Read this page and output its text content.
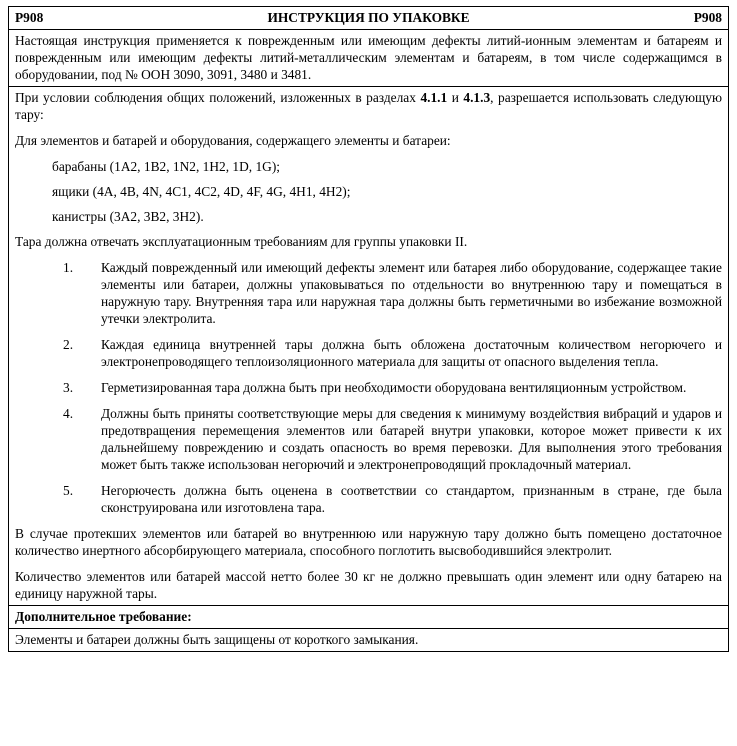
P908	ИНСТРУКЦИЯ ПО УПАКОВКЕ	P908

Настоящая инструкция применяется к поврежденным или имеющим дефекты литий-ионным элементам и батареям и поврежденным или имеющим дефекты литий-металлическим элементам и батареям, в том числе содержащимся в оборудовании, под № ООН 3090, 3091, 3480 и 3481.

При условии соблюдения общих положений, изложенных в разделах 4.1.1 и 4.1.3, разрешается использовать следующую тару:

Для элементов и батарей и оборудования, содержащего элементы и батареи:

барабаны (1A2, 1B2, 1N2, 1H2, 1D, 1G);

ящики (4A, 4B, 4N, 4C1, 4C2, 4D, 4F, 4G, 4H1, 4H2);

канистры (3A2, 3B2, 3H2).

Тара должна отвечать эксплуатационным требованиям для группы упаковки II.

1.	Каждый поврежденный или имеющий дефекты элемент или батарея либо оборудование, содержащее такие элементы или батареи, должны упаковываться по отдельности во внутреннюю тару и помещаться в наружную тару. Внутренняя тара или наружная тара должны быть герметичными во избежание возможной утечки электролита.
2.	Каждая единица внутренней тары должна быть обложена достаточным количеством негорючего и электронепроводящего теплоизоляционного материала для защиты от опасного выделения тепла.
3.	Герметизированная тара должна быть при необходимости оборудована вентиляционным устройством.
4.	Должны быть приняты соответствующие меры для сведения к минимуму воздействия вибраций и ударов и предотвращения перемещения элементов или батарей внутри упаковки, которое может привести к их дальнейшему повреждению и создать опасность во время перевозки. Для выполнения этого требования может быть также использован негорючий и электронепроводящий прокладочный материал.
5.	Негорючесть должна быть оценена в соответствии со стандартом, признанным в стране, где была сконструирована или изготовлена тара.

В случае протекших элементов или батарей во внутреннюю или наружную тару должно быть помещено достаточное количество инертного абсорбирующего материала, способного поглотить высвободившийся электролит.

Количество элементов или батарей массой нетто более 30 кг не должно превышать один элемент или одну батарею на единицу наружной тары.

Дополнительное требование:
Элементы и батареи должны быть защищены от короткого замыкания.
